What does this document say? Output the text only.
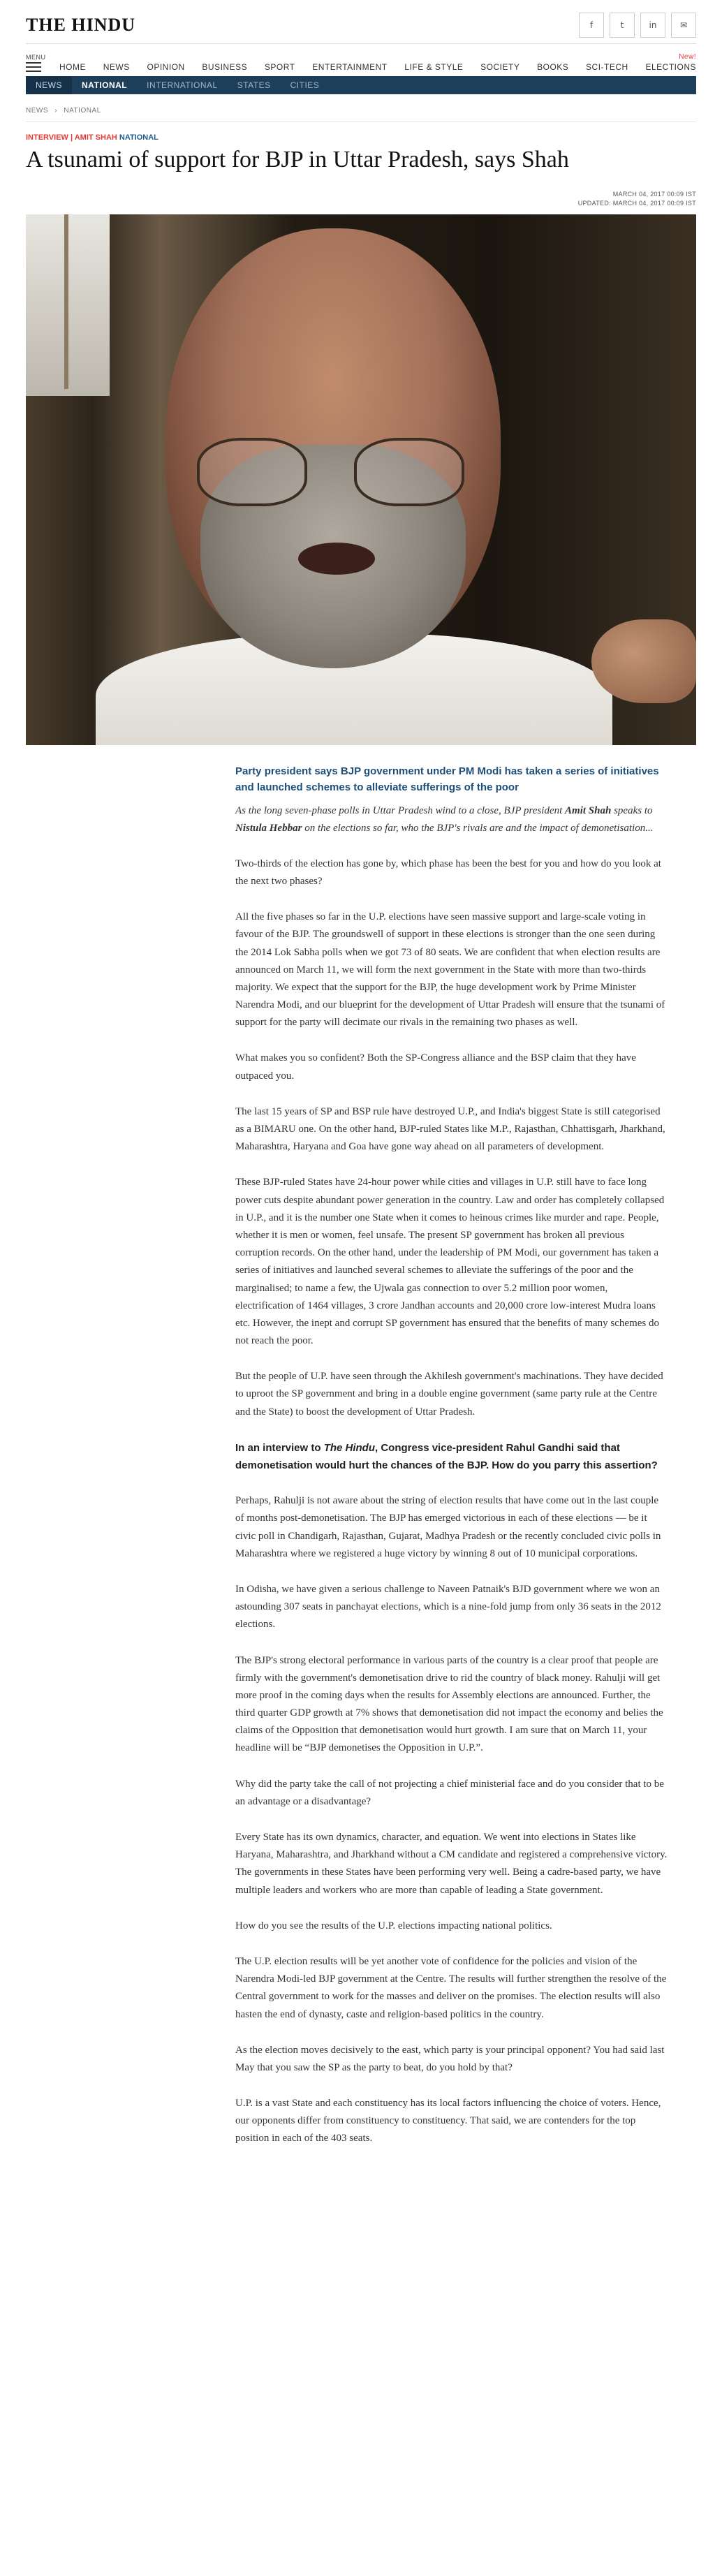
THE HINDU	f	t	in	✉
MENU
HOME NEWS OPINION BUSINESS SPORT ENTERTAINMENT LIFE & STYLE SOCIETY BOOKS SCI-TECH
New!
ELECTIONS
NEWS	NATIONAL	INTERNATIONAL	STATES	CITIES
NEWS › NATIONAL
INTERVIEW | AMIT SHAH NATIONAL
A tsunami of support for BJP in Uttar Pradesh, says Shah
MARCH 04, 2017 00:09 IST
UPDATED: MARCH 04, 2017 00:09 IST

Party president says BJP government under PM Modi has taken a series of initiatives and launched schemes to alleviate sufferings of the poor

As the long seven-phase polls in Uttar Pradesh wind to a close, BJP president Amit Shah speaks to Nistula Hebbar on the elections so far, who the BJP's rivals are and the impact of demonetisation...

Two-thirds of the election has gone by, which phase has been the best for you and how do you look at the next two phases?

All the five phases so far in the U.P. elections have seen massive support and large-scale voting in favour of the BJP. The groundswell of support in these elections is stronger than the one seen during the 2014 Lok Sabha polls when we got 73 of 80 seats. We are confident that when election results are announced on March 11, we will form the next government in the State with more than two-thirds majority. We expect that the support for the BJP, the huge development work by Prime Minister Narendra Modi, and our blueprint for the development of Uttar Pradesh will ensure that the tsunami of support for the party will decimate our rivals in the remaining two phases as well.

What makes you so confident? Both the SP-Congress alliance and the BSP claim that they have outpaced you.

The last 15 years of SP and BSP rule have destroyed U.P., and India's biggest State is still categorised as a BIMARU one. On the other hand, BJP-ruled States like M.P., Rajasthan, Chhattisgarh, Jharkhand, Maharashtra, Haryana and Goa have gone way ahead on all parameters of development.

These BJP-ruled States have 24-hour power while cities and villages in U.P. still have to face long power cuts despite abundant power generation in the country. Law and order has completely collapsed in U.P., and it is the number one State when it comes to heinous crimes like murder and rape. People, whether it is men or women, feel unsafe. The present SP government has broken all previous corruption records. On the other hand, under the leadership of PM Modi, our government has taken a series of initiatives and launched several schemes to alleviate the sufferings of the poor and the marginalised; to name a few, the Ujwala gas connection to over 5.2 million poor women, electrification of 1464 villages, 3 crore Jandhan accounts and 20,000 crore low-interest Mudra loans etc. However, the inept and corrupt SP government has ensured that the benefits of many schemes do not reach the poor.

But the people of U.P. have seen through the Akhilesh government's machinations. They have decided to uproot the SP government and bring in a double engine government (same party rule at the Centre and the State) to boost the development of Uttar Pradesh.

In an interview to The Hindu, Congress vice-president Rahul Gandhi said that demonetisation would hurt the chances of the BJP. How do you parry this assertion?

Perhaps, Rahulji is not aware about the string of election results that have come out in the last couple of months post-demonetisation. The BJP has emerged victorious in each of these elections — be it civic poll in Chandigarh, Rajasthan, Gujarat, Madhya Pradesh or the recently concluded civic polls in Maharashtra where we registered a huge victory by winning 8 out of 10 municipal corporations.

In Odisha, we have given a serious challenge to Naveen Patnaik's BJD government where we won an astounding 307 seats in panchayat elections, which is a nine-fold jump from only 36 seats in the 2012 elections.

The BJP's strong electoral performance in various parts of the country is a clear proof that people are firmly with the government's demonetisation drive to rid the country of black money. Rahulji will get more proof in the coming days when the results for Assembly elections are announced. Further, the third quarter GDP growth at 7% shows that demonetisation did not impact the economy and belies the claims of the Opposition that demonetisation would hurt growth. I am sure that on March 11, your headline will be “BJP demonetises the Opposition in U.P.”.

Why did the party take the call of not projecting a chief ministerial face and do you consider that to be an advantage or a disadvantage?

Every State has its own dynamics, character, and equation. We went into elections in States like Haryana, Maharashtra, and Jharkhand without a CM candidate and registered a comprehensive victory. The governments in these States have been performing very well. Being a cadre-based party, we have multiple leaders and workers who are more than capable of leading a State government.

How do you see the results of the U.P. elections impacting national politics.

The U.P. election results will be yet another vote of confidence for the policies and vision of the Narendra Modi-led BJP government at the Centre. The results will further strengthen the resolve of the Central government to work for the masses and deliver on the promises. The election results will also hasten the end of dynasty, caste and religion-based politics in the country.

As the election moves decisively to the east, which party is your principal opponent? You had said last May that you saw the SP as the party to beat, do you hold by that?

U.P. is a vast State and each constituency has its local factors influencing the choice of voters. Hence, our opponents differ from constituency to constituency. That said, we are contenders for the top position in each of the 403 seats.
